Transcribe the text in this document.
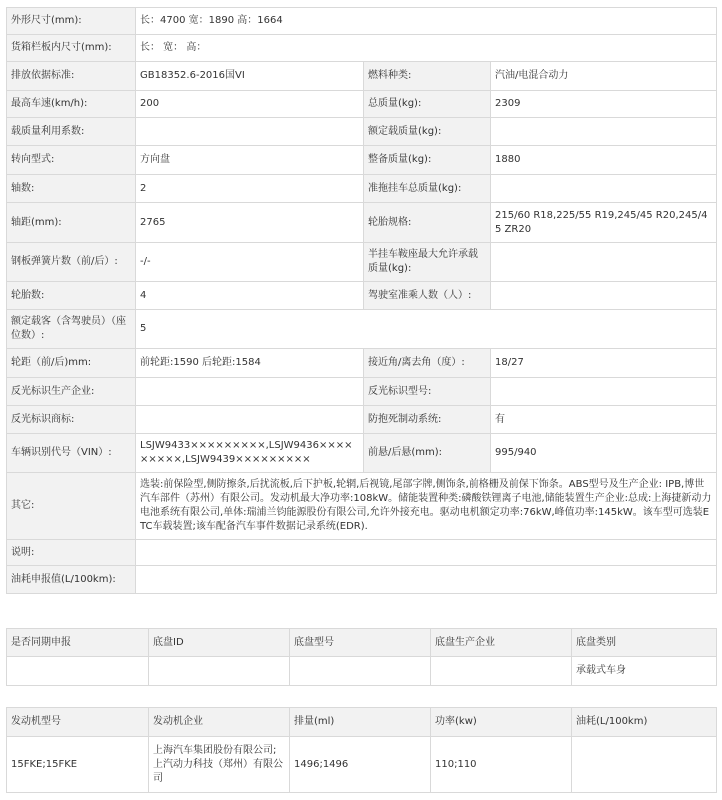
外形尺寸(mm):	长：4700 宽：1890 高：1664		
货箱栏板内尺寸(mm):	长： 宽： 高：		
排放依据标准:	GB18352.6-2016国VI	燃料种类:	汽油/电混合动力
最高车速(km/h):	200	总质量(kg):	2309
载质量利用系数:		额定载质量(kg):	
转向型式:	方向盘	整备质量(kg):	1880
轴数:	2	准拖挂车总质量(kg):	
轴距(mm):	2765	轮胎规格:	215/60 R18,225/55 R19,245/45 R20,245/45 ZR20
钢板弹簧片数（前/后）:	-/-	半挂车鞍座最大允许承载质量(kg):	
轮胎数:	4	驾驶室准乘人数（人）:	
额定载客（含驾驶员）（座位数）:	5		
轮距（前/后)mm:	前轮距:1590 后轮距:1584	接近角/离去角（度）:	18/27
反光标识生产企业:		反光标识型号:	
反光标识商标:		防抱死制动系统:	有
车辆识别代号（VIN）:	LSJW9433×××××××××,LSJW9436×××××××××,LSJW9439×××××××××	前悬/后悬(mm):	995/940
其它:	选装:前保险型,侧防擦条,后扰流板,后下护板,轮辋,后视镜,尾部字牌,侧饰条,前格栅及前保下饰条。ABS型号及生产企业: IPB,博世汽车部件（苏州）有限公司。发动机最大净功率:108kW。储能装置种类:磷酸铁锂离子电池,储能装置生产企业:总成:上海捷新动力电池系统有限公司,单体:瑞浦兰钧能源股份有限公司,允许外接充电。驱动电机额定功率:76kW,峰值功率:145kW。该车型可选装ETC车载装置;该车配备汽车事件数据记录系统(EDR).		
说明:			
油耗申报值(L/100km):			
是否同期申报	底盘ID	底盘型号	底盘生产企业	底盘类别
				承载式车身
发动机型号	发动机企业	排量(ml)	功率(kw)	油耗(L/100km)
15FKE;15FKE	上海汽车集团股份有限公司;上汽动力科技（郑州）有限公司	1496;1496	110;110	
